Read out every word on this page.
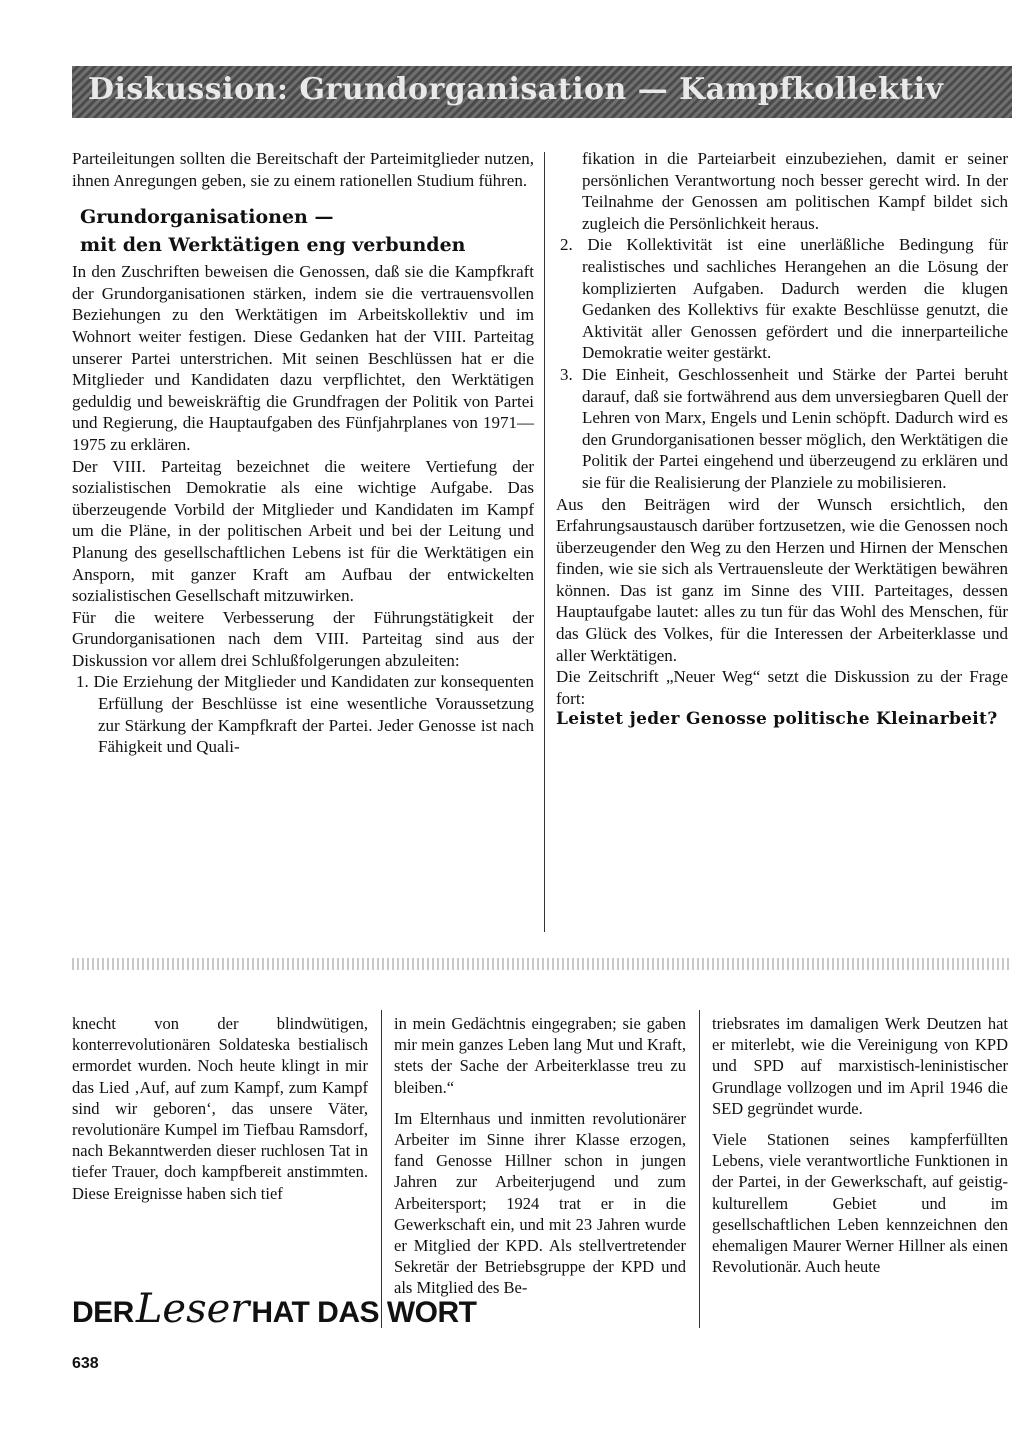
Diskussion: Grundorganisation — Kampfkollektiv

Parteileitungen sollten die Bereitschaft der Parteimitglieder nutzen, ihnen Anregungen geben, sie zu einem rationellen Studium führen.

Grundorganisationen —

mit den Werktätigen eng verbunden

In den Zuschriften beweisen die Genossen, daß sie die Kampfkraft der Grundorganisationen stärken, indem sie die vertrauensvollen Beziehungen zu den Werktätigen im Arbeitskollektiv und im Wohnort weiter festigen. Diese Gedanken hat der VIII. Parteitag unserer Partei unterstrichen. Mit seinen Beschlüssen hat er die Mitglieder und Kandidaten dazu verpflichtet, den Werktätigen geduldig und beweiskräftig die Grundfragen der Politik von Partei und Regierung, die Hauptaufgaben des Fünfjahrplanes von 1971—1975 zu erklären.

Der VIII. Parteitag bezeichnet die weitere Vertiefung der sozialistischen Demokratie als eine wichtige Aufgabe. Das überzeugende Vorbild der Mitglieder und Kandidaten im Kampf um die Pläne, in der politischen Arbeit und bei der Leitung und Planung des gesellschaftlichen Lebens ist für die Werktätigen ein Ansporn, mit ganzer Kraft am Aufbau der entwickelten sozialistischen Gesellschaft mitzuwirken.

Für die weitere Verbesserung der Führungstätigkeit der Grundorganisationen nach dem VIII. Parteitag sind aus der Diskussion vor allem drei Schlußfolgerungen abzuleiten:

1. Die Erziehung der Mitglieder und Kandidaten zur konsequenten Erfüllung der Beschlüsse ist eine wesentliche Voraussetzung zur Stärkung der Kampfkraft der Partei. Jeder Genosse ist nach Fähigkeit und Quali-

fikation in die Parteiarbeit einzubeziehen, damit er seiner persönlichen Verantwortung noch besser gerecht wird. In der Teilnahme der Genossen am politischen Kampf bildet sich zugleich die Persönlichkeit heraus.

2. Die Kollektivität ist eine unerläßliche Bedingung für realistisches und sachliches Herangehen an die Lösung der komplizierten Aufgaben. Dadurch werden die klugen Gedanken des Kollektivs für exakte Beschlüsse genutzt, die Aktivität aller Genossen gefördert und die innerparteiliche Demokratie weiter gestärkt.

3. Die Einheit, Geschlossenheit und Stärke der Partei beruht darauf, daß sie fortwährend aus dem unversiegbaren Quell der Lehren von Marx, Engels und Lenin schöpft. Dadurch wird es den Grundorganisationen besser möglich, den Werktätigen die Politik der Partei eingehend und überzeugend zu erklären und sie für die Realisierung der Planziele zu mobilisieren.

Aus den Beiträgen wird der Wunsch ersichtlich, den Erfahrungsaustausch darüber fortzusetzen, wie die Genossen noch überzeugender den Weg zu den Herzen und Hirnen der Menschen finden, wie sie sich als Vertrauensleute der Werktätigen bewähren können. Das ist ganz im Sinne des VIII. Parteitages, dessen Hauptaufgabe lautet: alles zu tun für das Wohl des Menschen, für das Glück des Volkes, für die Interessen der Arbeiterklasse und aller Werktätigen.

Die Zeitschrift „Neuer Weg“ setzt die Diskussion zu der Frage fort:

Leistet jeder Genosse politische Kleinarbeit?

knecht von der blindwütigen, konterrevolutionären Soldateska bestialisch ermordet wurden. Noch heute klingt in mir das Lied ‚Auf, auf zum Kampf, zum Kampf sind wir geboren‘, das unsere Väter, revolutionäre Kumpel im Tiefbau Ramsdorf, nach Bekanntwerden dieser ruchlosen Tat in tiefer Trauer, doch kampfbereit anstimmten. Diese Ereignisse haben sich tief

in mein Gedächtnis eingegraben; sie gaben mir mein ganzes Leben lang Mut und Kraft, stets der Sache der Arbeiterklasse treu zu bleiben.“

Im Elternhaus und inmitten revolutionärer Arbeiter im Sinne ihrer Klasse erzogen, fand Genosse Hillner schon in jungen Jahren zur Arbeiterjugend und zum Arbeitersport; 1924 trat er in die Gewerkschaft ein, und mit 23 Jahren wurde er Mitglied der KPD. Als stellvertretender Sekretär der Betriebsgruppe der KPD und als Mitglied des Be-

triebsrates im damaligen Werk Deutzen hat er miterlebt, wie die Vereinigung von KPD und SPD auf marxistisch-leninistischer Grundlage vollzogen und im April 1946 die SED gegründet wurde.

Viele Stationen seines kampferfüllten Lebens, viele verantwortliche Funktionen in der Partei, in der Gewerkschaft, auf geistig-kulturellem Gebiet und im gesellschaftlichen Leben kennzeichnen den ehemaligen Maurer Werner Hillner als einen Revolutionär. Auch heute

DERLeserHAT DAS WORT
638
